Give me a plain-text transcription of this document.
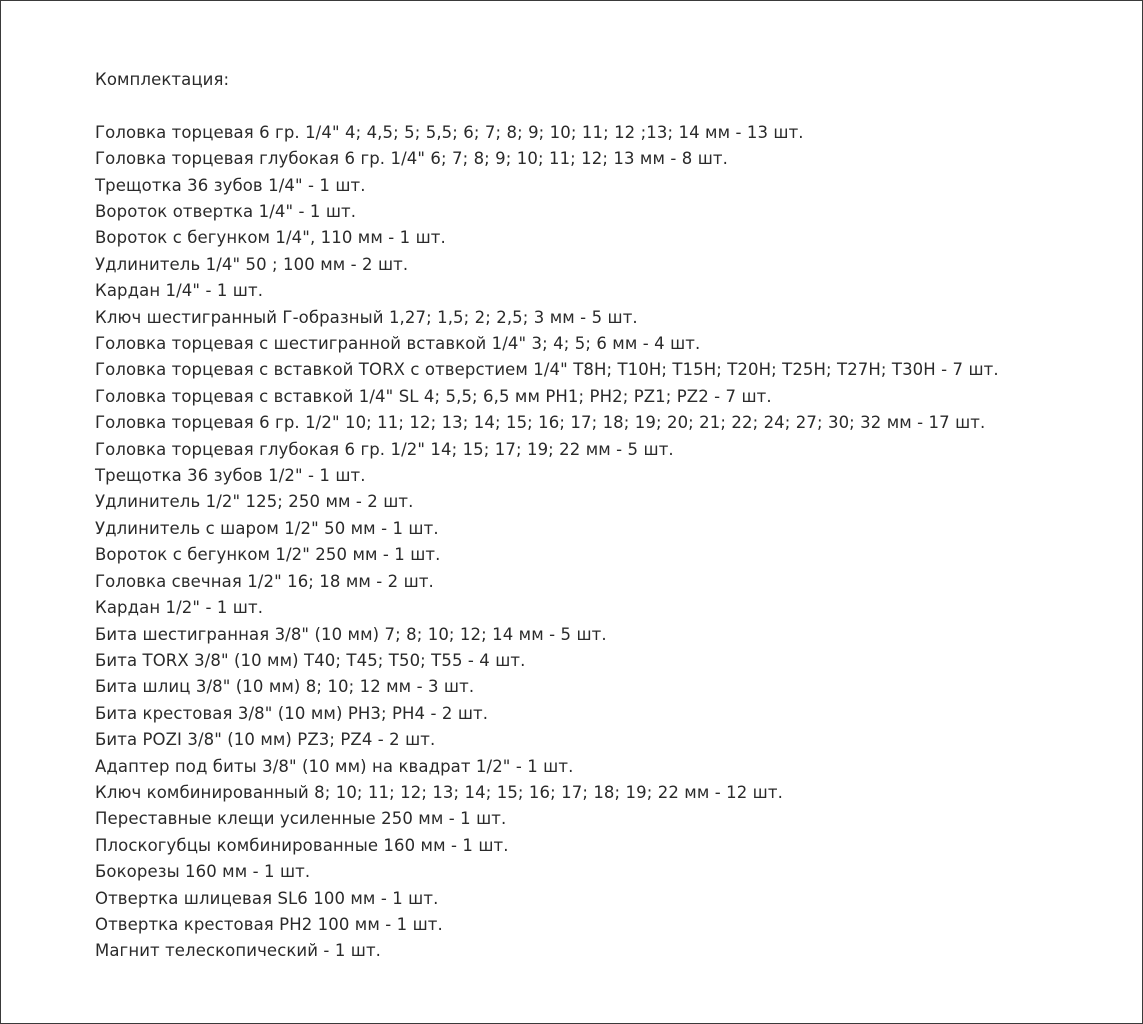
Комплектация:
Головка торцевая 6 гр. 1/4" 4; 4,5; 5; 5,5; 6; 7; 8; 9; 10; 11; 12 ;13; 14 мм - 13 шт.
Головка торцевая глубокая 6 гр. 1/4" 6; 7; 8; 9; 10; 11; 12; 13 мм - 8 шт.
Трещотка 36 зубов 1/4" - 1 шт.
Вороток отвертка 1/4" - 1 шт.
Вороток с бегунком 1/4", 110 мм - 1 шт.
Удлинитель 1/4" 50 ; 100 мм - 2 шт.
Кардан 1/4" - 1 шт.
Ключ шестигранный Г-образный 1,27; 1,5; 2; 2,5; 3 мм - 5 шт.
Головка торцевая с шестигранной вставкой 1/4" 3; 4; 5; 6 мм - 4 шт.
Головка торцевая с вставкой TORX с отверстием 1/4" T8H; T10H; T15H; T20H; T25H; T27H; T30H - 7 шт.
Головка торцевая с вставкой 1/4" SL 4; 5,5; 6,5 мм PH1; PH2; PZ1; PZ2 - 7 шт.
Головка торцевая 6 гр. 1/2" 10; 11; 12; 13; 14; 15; 16; 17; 18; 19; 20; 21; 22; 24; 27; 30; 32 мм - 17 шт.
Головка торцевая глубокая 6 гр. 1/2" 14; 15; 17; 19; 22 мм - 5 шт.
Трещотка 36 зубов 1/2" - 1 шт.
Удлинитель 1/2" 125; 250 мм - 2 шт.
Удлинитель с шаром 1/2" 50 мм - 1 шт.
Вороток с бегунком 1/2" 250 мм - 1 шт.
Головка свечная 1/2" 16; 18 мм - 2 шт.
Кардан 1/2" - 1 шт.
Бита шестигранная 3/8" (10 мм) 7; 8; 10; 12; 14 мм - 5 шт.
Бита TORX 3/8" (10 мм) T40; T45; T50; T55 - 4 шт.
Бита шлиц 3/8" (10 мм) 8; 10; 12 мм - 3 шт.
Бита крестовая 3/8" (10 мм) PH3; PH4 - 2 шт.
Бита POZI 3/8" (10 мм) PZ3; PZ4 - 2 шт.
Адаптер под биты 3/8" (10 мм) на квадрат 1/2" - 1 шт.
Ключ комбинированный 8; 10; 11; 12; 13; 14; 15; 16; 17; 18; 19; 22 мм - 12 шт.
Переставные клещи усиленные 250 мм - 1 шт.
Плоскогубцы комбинированные 160 мм - 1 шт.
Бокорезы 160 мм - 1 шт.
Отвертка шлицевая SL6 100 мм - 1 шт.
Отвертка крестовая PH2 100 мм - 1 шт.
Магнит телескопический - 1 шт.
